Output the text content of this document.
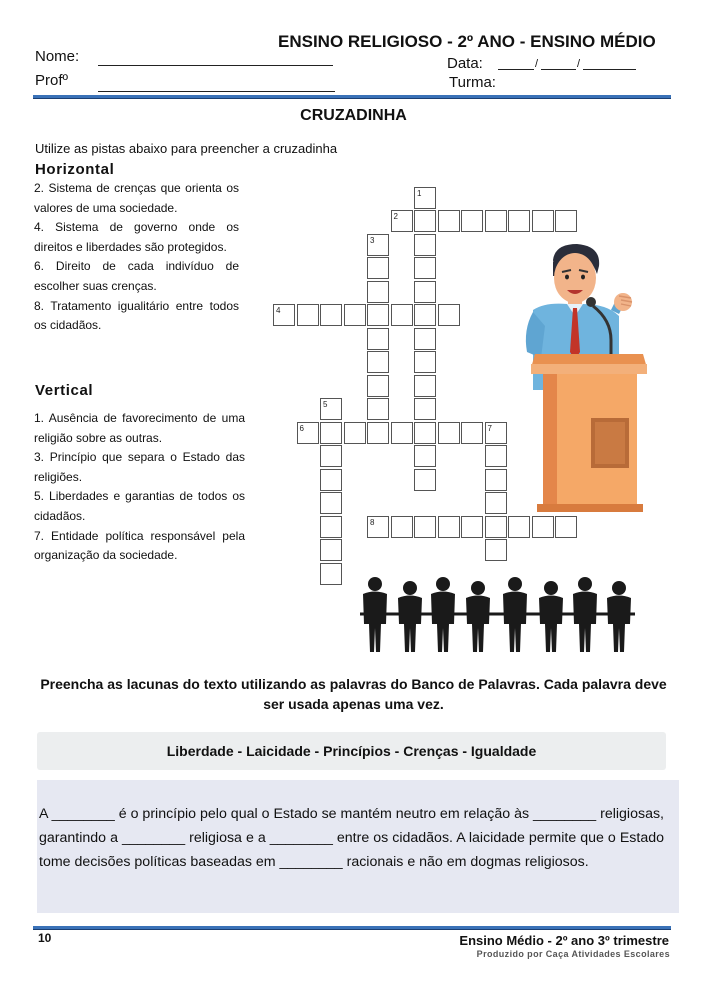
ENSINO RELIGIOSO - 2º ANO - ENSINO MÉDIO
Nome:
Profº
Data:	/	/
Turma:
CRUZADINHA
Utilize as pistas abaixo para preencher a cruzadinha
Horizontal

2. Sistema de crenças que orienta os valores de uma sociedade.

4. Sistema de governo onde os direitos e liberdades são protegidos.

6. Direito de cada indivíduo de escolher suas crenças.

8. Tratamento igualitário entre todos os cidadãos.

Vertical

1. Ausência de favorecimento de uma religião sobre as outras.

3. Princípio que separa o Estado das religiões.

5. Liberdades e garantias de todos os cidadãos.

7. Entidade política responsável pela organização da sociedade.

1
2
3
4
5
6	7
8
Preencha as lacunas do texto utilizando as palavras do Banco de Palavras. Cada palavra deve ser usada apenas uma vez.
Liberdade - Laicidade - Princípios - Crenças - Igualdade

A ________ é o princípio pelo qual o Estado se mantém neutro em relação às ________ religiosas, garantindo a ________ religiosa e a ________ entre os cidadãos. A laicidade permite que o Estado tome decisões políticas baseadas em ________ racionais e não em dogmas religiosos.

10	Ensino Médio - 2º ano 3º trimestre
Produzido por Caça Atividades Escolares
